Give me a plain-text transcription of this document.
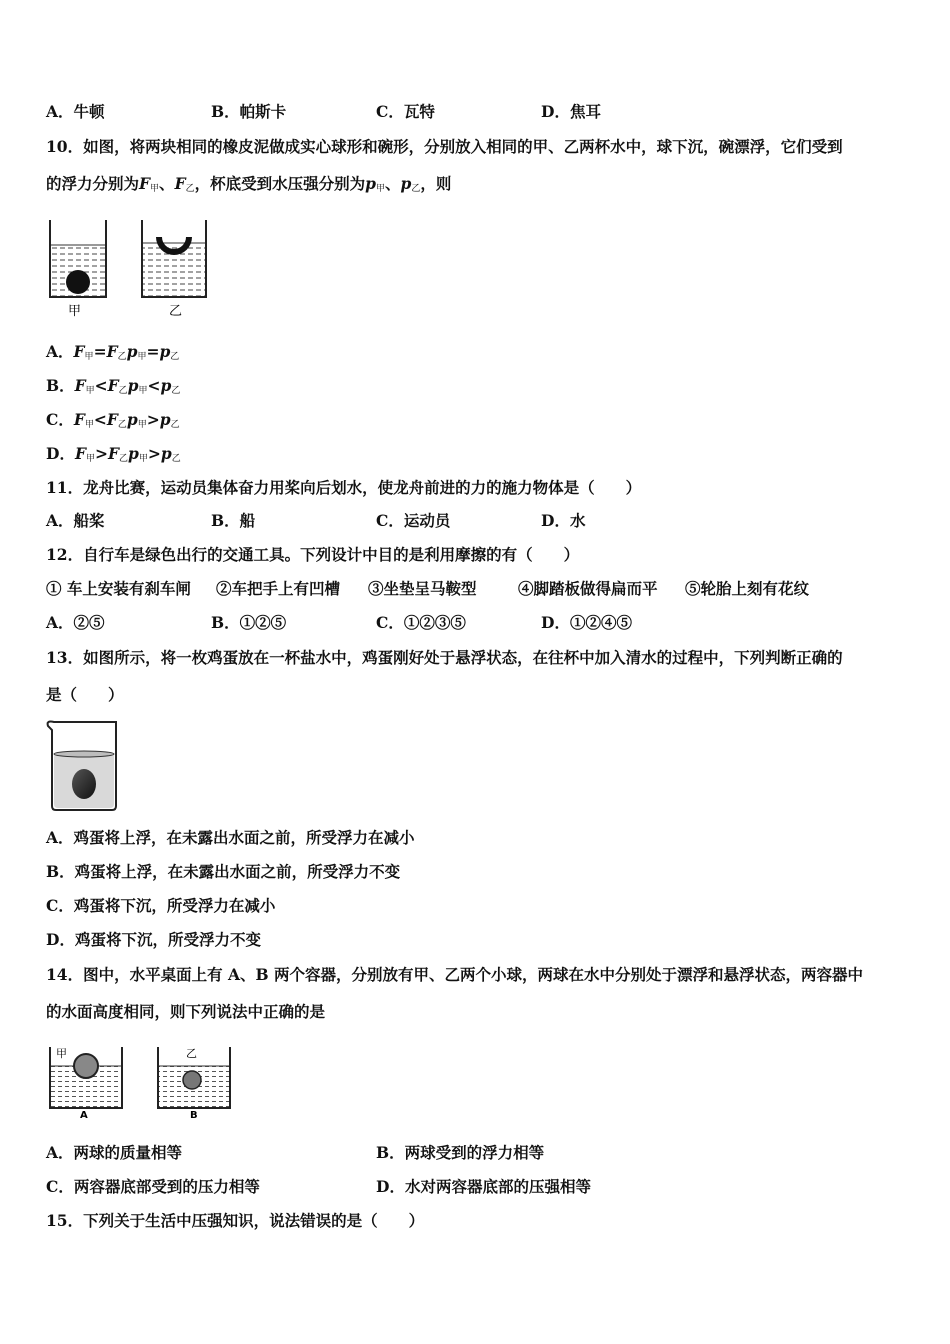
A．牛顿	B．帕斯卡	C．瓦特	D．焦耳
10．如图，将两块相同的橡皮泥做成实心球形和碗形，分别放入相同的甲、乙两杯水中，球下沉，碗漂浮，它们受到
的浮力分别为$F_甲$、$F_乙$，杯底受到水压强分别为$p_甲$、$p_乙$，则
甲	乙
A．$F_甲=F_乙p_甲=p_乙$
B．$F_甲<F_乙p_甲<p_乙$
C．$F_甲<F_乙p_甲>p_乙$
D．$F_甲>F_乙p_甲>p_乙$
11．龙舟比赛，运动员集体奋力用桨向后划水，使龙舟前进的力的施力物体是（　　）
A．船桨	B．船	C．运动员	D．水
12．自行车是绿色出行的交通工具。下列设计中目的是利用摩擦的有（　　）
① 车上安装有刹车闸 ②车把手上有凹槽 ③坐垫呈马鞍型	④脚踏板做得扁而平 ⑤轮胎上刻有花纹
A．②⑤	B．①②⑤	C．①②③⑤	D．①②④⑤
13．如图所示，将一枚鸡蛋放在一杯盐水中，鸡蛋刚好处于悬浮状态，在往杯中加入清水的过程中，下列判断正确的
是（　　）
A．鸡蛋将上浮，在未露出水面之前，所受浮力在减小
B．鸡蛋将上浮，在未露出水面之前，所受浮力不变
C．鸡蛋将下沉，所受浮力在减小
D．鸡蛋将下沉，所受浮力不变
14．图中，水平桌面上有 A、B 两个容器，分别放有甲、乙两个小球，两球在水中分别处于漂浮和悬浮状态，两容器中
的水面高度相同，则下列说法中正确的是
甲	乙
A	B
A．两球的质量相等	B．两球受到的浮力相等
C．两容器底部受到的压力相等	D．水对两容器底部的压强相等
15．下列关于生活中压强知识，说法错误的是（　　）
